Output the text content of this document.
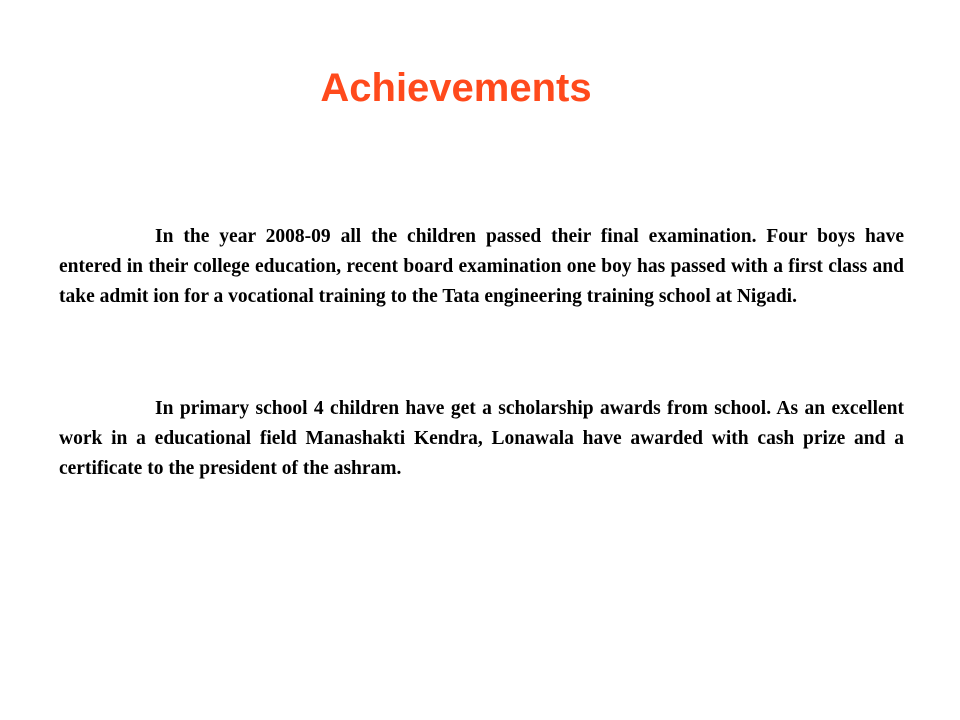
Achievements

In the year 2008-09 all the children passed their final examination. Four boys have entered in their college education, recent board examination one boy has passed with a first class and take admit ion for a vocational training to the Tata engineering training school at Nigadi.

In primary school 4 children have get a scholarship awards from school. As an excellent work in a educational field Manashakti Kendra, Lonawala have awarded with cash prize and a certificate to the president of the ashram.
